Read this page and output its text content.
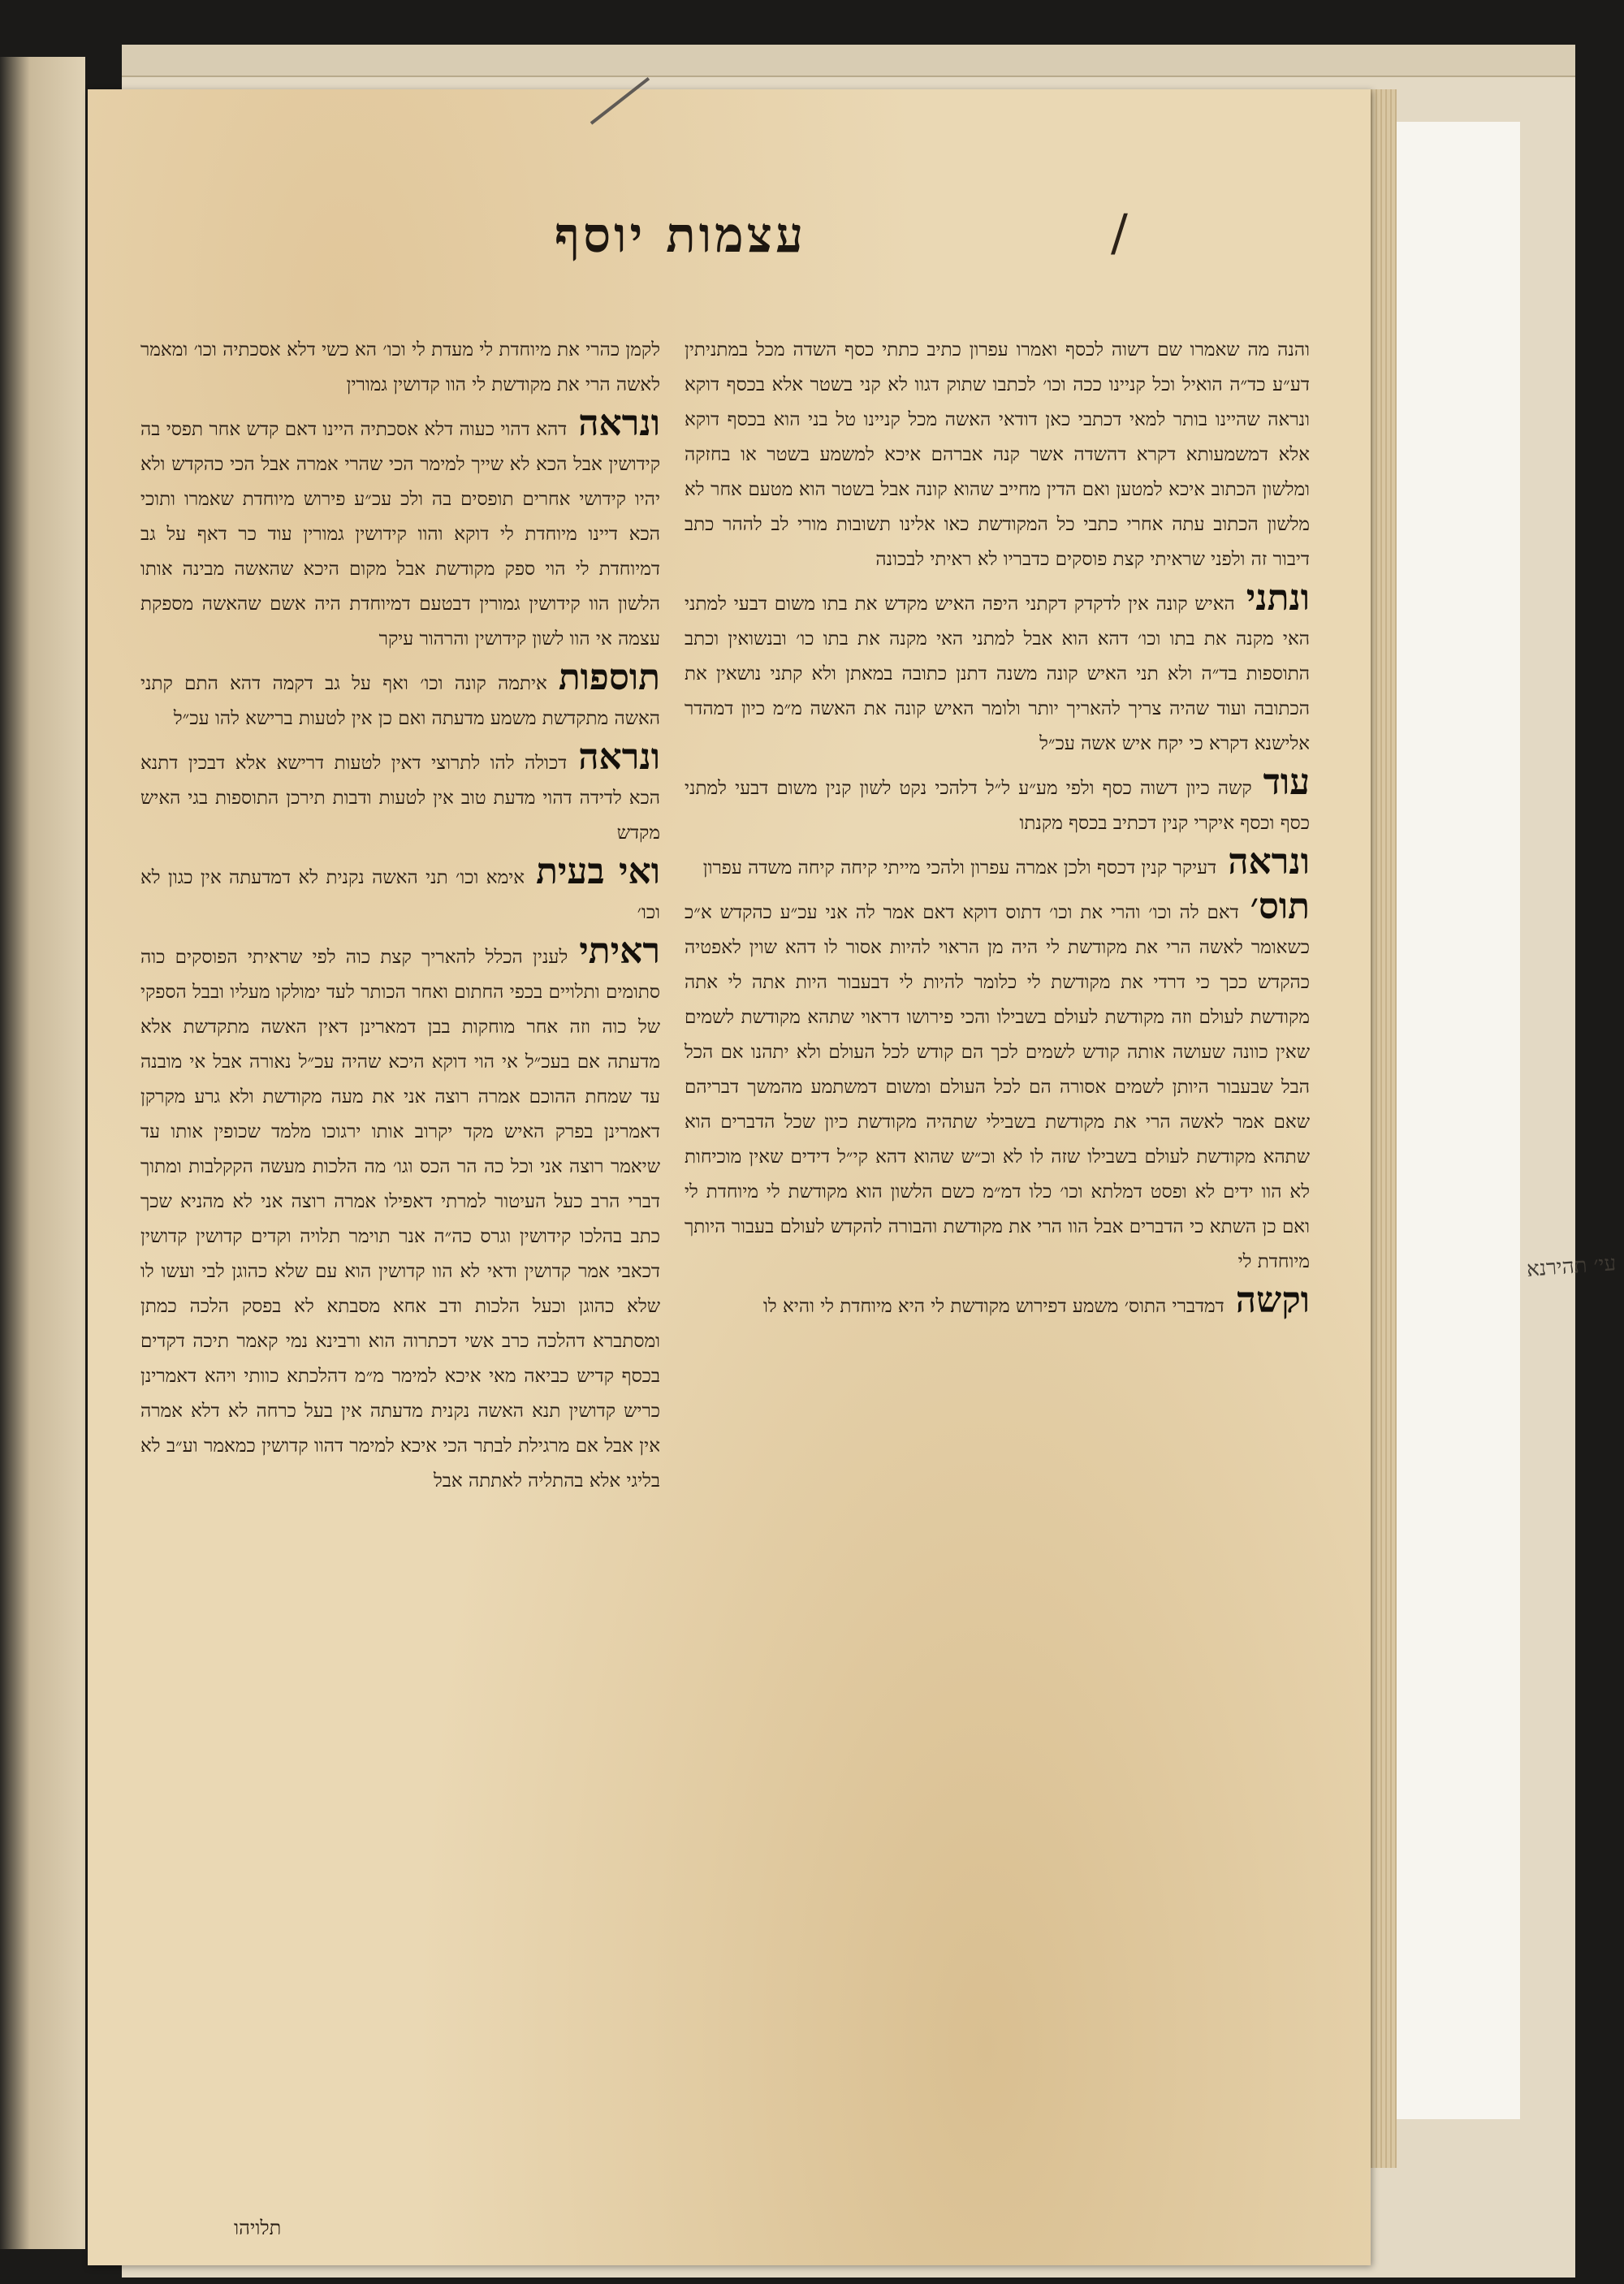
/
עצמות יוסף

והנה מה שאמרו שם דשוה לכסף ואמרו עפרון כתיב כתתי כסף השדה מכל במתניתין דע״ע כד״ה הואיל וכל קניינו ככה וכו׳ לכתבו שתוק דגוו לא קני בשטר אלא בכסף דוקא ונראה שהיינו בותר למאי דכתבי כאן דודאי האשה מכל קניינו טל בני הוא בכסף דוקא אלא דמשמעותא דקרא דהשדה אשר קנה אברהם איכא למשמע בשטר או בחזקה ומלשון הכתוב איכא למטען ואם הדין מחייב שהוא קונה אבל בשטר הוא מטעם אחר לא מלשון הכתוב עתה אחרי כתבי כל המקודשת כאו אלינו תשובות מורי לב לההר כתב דיבור זה ולפני שראיתי קצת פוסקים כדבריו לא ראיתי לבכונה

ונתניהאיש קונה אין לדקדק דקתני היפה האיש מקדש את בתו משום דבעי למתני האי מקנה את בתו וכו׳ דהא הוא אבל למתני האי מקנה את בתו כו׳ ובנשואין וכתב התוספות בד״ה ולא תני האיש קונה משנה דתנן כתובה במאתן ולא קתני נושאין את הכתובה ועוד שהיה צריך להאריך יותר ולומר האיש קונה את האשה מ״מ כיון דמהדר אלישנא דקרא כי יקח איש אשה עכ״ל

עודקשה כיון דשוה כסף ולפי מע״ע ל״ל דלהכי נקט לשון קנין משום דבעי למתני כסף וכסף איקרי קנין דכתיב בכסף מקנתו

ונראהדעיקר קנין דכסף ולכן אמרה עפרון ולהכי מייתי קיחה קיחה משדה עפרון

תוס׳דאם לה וכו׳ והרי את וכו׳ דתוס דוקא דאם אמר לה אני עכ״ע כהקדש א״כ כשאומר לאשה הרי את מקודשת לי היה מן הראוי להיות אסור לו דהא שוין לאפטיה כהקדש ככך כי דרדי את מקודשת לי כלומר להיות לי דבעבור היות אתה לי אתה מקודשת לעולם וזה מקודשת לעולם בשבילו והכי פירושו דראוי שתהא מקודשת לשמים שאין כוונה שעושה אותה קודש לשמים לכך הם קודש לכל העולם ולא יתהנו אם הכל הבל שבעבור היותן לשמים אסורה הם לכל העולם ומשום דמשתמע מהמשך דבריהם שאם אמר לאשה הרי את מקודשת בשבילי שתהיה מקודשת כיון שכל הדברים הוא שתהא מקודשת לעולם בשבילו שזה לו לא וכ״ש שהוא דהא קי״ל דידים שאין מוכיחות לא הוו ידים לא ופסט דמלתא וכו׳ כלו דמ״מ כשם הלשון הוא מקודשת לי מיוחדת לי ואם כן השתא כי הדברים אבל הוו הרי את מקודשת והבורה להקדש לעולם בעבור היותך מיוחדת לי

וקשהדמדברי התוס׳ משמע דפירוש מקודשת לי היא מיוחדת לי והיא לו

לקמן כהרי את מיוחדת לי מעדת לי וכו׳ הא כשי דלא אסכתיה וכו׳ ומאמר לאשה הרי את מקודשת לי הוו קדושין גמורין

ונראהדהא דהוי כעוה דלא אסכתיה היינו דאם קדש אחר תפסי בה קידושין אבל הכא לא שייך למימר הכי שהרי אמרה אבל הכי כהקדש ולא יהיו קידושי אחרים תופסים בה ולכ עכ״ע פירוש מיוחדת שאמרו ותוכי הכא דיינו מיוחדת לי דוקא והוו קידושין גמורין עוד כר דאף על גב דמיוחדת לי הוי ספק מקודשת אבל מקום היכא שהאשה מבינה אותו הלשון הוו קידושין גמורין דבטעם דמיוחדת היה אשם שהאשה מספקת עצמה אי הוו לשון קידושין והרהור עיקר

תוספותאיתמה קונה וכו׳ ואף על גב דקמה דהא התם קתני האשה מתקדשת משמע מדעתה ואם כן אין לטעות ברישא להו עכ״ל

ונראהדכולה להו לתרוצי דאין לטעות דרישא אלא דבכין דתנא הכא לדידה דהוי מדעת טוב אין לטעות ודבות תירכן התוספות בגי האיש מקדש

ואי בעיתאימא וכו׳ תני האשה נקנית לא דמדעתה אין כגון לא וכו׳

ראיתילענין הכלל להאריך קצת כוה לפי שראיתי הפוסקים כוה סתומים ותלויים בכפי החתום ואחר הכותר לעד ימולקו מעליו ובבל הספקי של כוה וזה אחר מוחקות בבן דמארינן דאין האשה מתקדשת אלא מדעתה אם בעכ״ל אי הוי דוקא היכא שהיה עכ״ל נאורה אבל אי מובנה עד שמחת ההוכם אמרה רוצה אני את מעה מקודשת ולא גרע מקרקן דאמרינן בפרק האיש מקד יקרוב אותו ירגוכו מלמד שכופין אותו עד שיאמר רוצה אני וכל כה הר הכס וגו׳ מה הלכות מעשה הקקלבות ומתוך דברי הרב כעל העיטור למרתי דאפילו אמרה רוצה אני לא מהניא שכך כתב בהלכו קידושין וגרס כה״ה אנר תוימר תלויה וקדים קדושין קדושין דכאבי אמר קדושין ודאי לא הוו קדושין הוא עם שלא כהוגן לבי ועשו לו שלא כהוגן וכעל הלכות ודב אחא מסבתא לא בפסק הלכה כמתן ומסתברא דהלכה כרב אשי דכתרוה הוא ורבינא נמי קאמר תיכה דקדים בכסף קדיש כביאה מאי איכא למימר מ״מ דהלכתא כוותי ויהא דאמרינן כריש קדושין תנא האשה נקנית מדעתה אין בעל כרחה לא דלא אמרה אין אבל אם מרגילת לבתר הכי איכא למימר דהוו קדושין כמאמר וע״ב לא בליגי אלא בהתליה לאתתה אבל

תלויהו
עי׳ תהירנא
